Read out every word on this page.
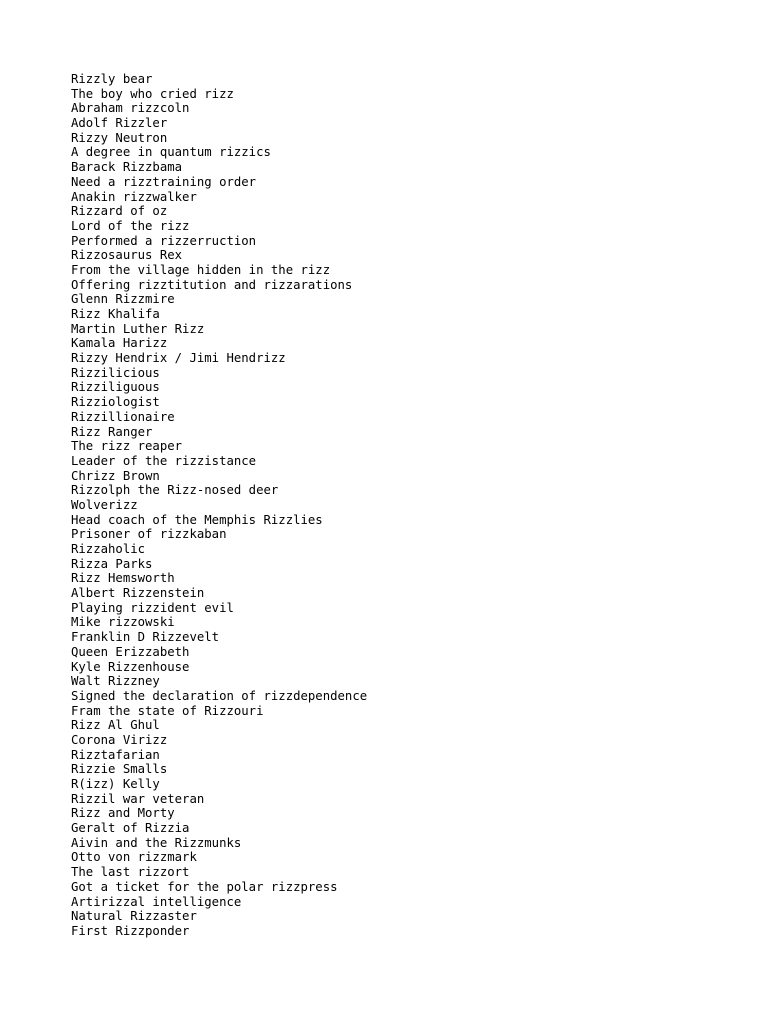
Rizzly bear
The boy who cried rizz
Abraham rizzcoln
Adolf Rizzler
Rizzy Neutron
A degree in quantum rizzics
Barack Rizzbama
Need a rizztraining order
Anakin rizzwalker
Rizzard of oz
Lord of the rizz
Performed a rizzerruction
Rizzosaurus Rex
From the village hidden in the rizz
Offering rizztitution and rizzarations
Glenn Rizzmire
Rizz Khalifa
Martin Luther Rizz
Kamala Harizz
Rizzy Hendrix / Jimi Hendrizz
Rizzilicious
Rizziliguous
Rizziologist
Rizzillionaire
Rizz Ranger
The rizz reaper
Leader of the rizzistance
Chrizz Brown
Rizzolph the Rizz-nosed deer
Wolverizz
Head coach of the Memphis Rizzlies
Prisoner of rizzkaban
Rizzaholic
Rizza Parks
Rizz Hemsworth
Albert Rizzenstein
Playing rizzident evil
Mike rizzowski
Franklin D Rizzevelt
Queen Erizzabeth
Kyle Rizzenhouse
Walt Rizzney
Signed the declaration of rizzdependence
Fram the state of Rizzouri
Rizz Al Ghul
Corona Virizz
Rizztafarian
Rizzie Smalls
R(izz) Kelly
Rizzil war veteran
Rizz and Morty
Geralt of Rizzia
Aivin and the Rizzmunks
Otto von rizzmark
The last rizzort
Got a ticket for the polar rizzpress
Artirizzal intelligence
Natural Rizzaster
First Rizzponder
